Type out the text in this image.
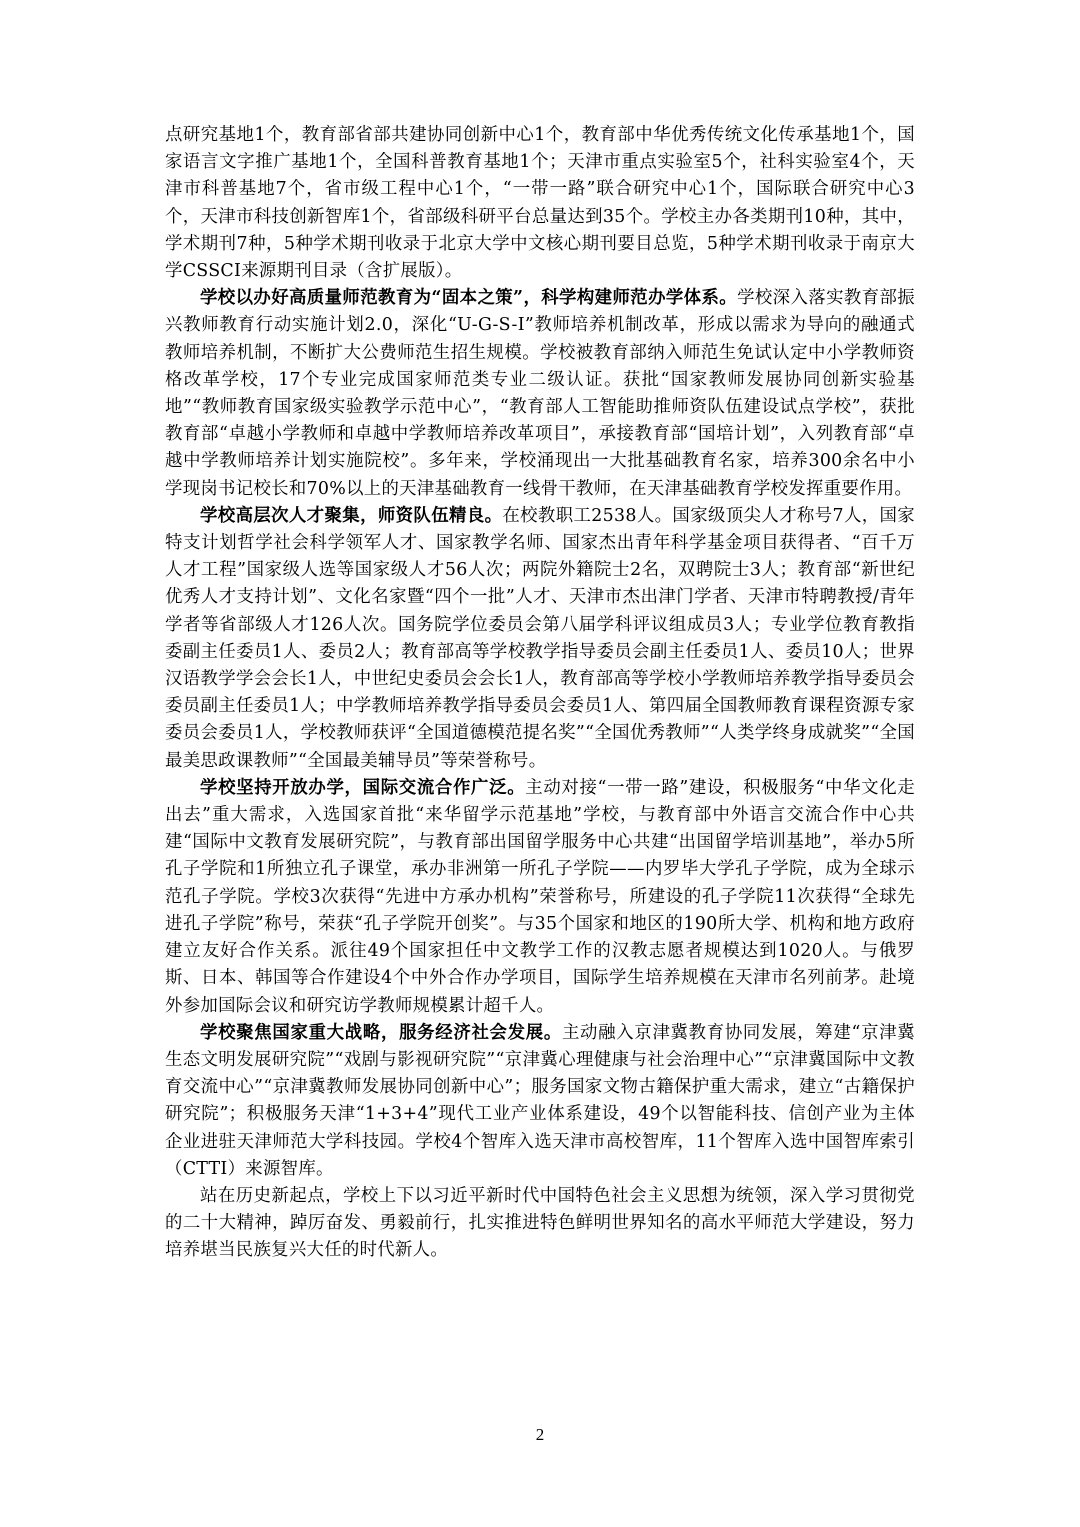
点研究基地1个，教育部省部共建协同创新中心1个，教育部中华优秀传统文化传承基地1个，国家语言文字推广基地1个，全国科普教育基地1个；天津市重点实验室5个，社科实验室4个，天津市科普基地7个，省市级工程中心1个，“一带一路”联合研究中心1个，国际联合研究中心3个，天津市科技创新智库1个，省部级科研平台总量达到35个。学校主办各类期刊10种，其中，学术期刊7种，5种学术期刊收录于北京大学中文核心期刊要目总览，5种学术期刊收录于南京大学CSSCI来源期刊目录（含扩展版）。

学校以办好高质量师范教育为“固本之策”，科学构建师范办学体系。学校深入落实教育部振兴教师教育行动实施计划2.0，深化“U-G-S-I”教师培养机制改革，形成以需求为导向的融通式教师培养机制，不断扩大公费师范生招生规模。学校被教育部纳入师范生免试认定中小学教师资格改革学校，17个专业完成国家师范类专业二级认证。获批“国家教师发展协同创新实验基地”“教师教育国家级实验教学示范中心”，“教育部人工智能助推师资队伍建设试点学校”，获批教育部“卓越小学教师和卓越中学教师培养改革项目”，承接教育部“国培计划”，入列教育部“卓越中学教师培养计划实施院校”。多年来，学校涌现出一大批基础教育名家，培养300余名中小学现岗书记校长和70%以上的天津基础教育一线骨干教师，在天津基础教育学校发挥重要作用。

学校高层次人才聚集，师资队伍精良。在校教职工2538人。国家级顶尖人才称号7人，国家特支计划哲学社会科学领军人才、国家教学名师、国家杰出青年科学基金项目获得者、“百千万人才工程”国家级人选等国家级人才56人次；两院外籍院士2名，双聘院士3人；教育部“新世纪优秀人才支持计划”、文化名家暨“四个一批”人才、天津市杰出津门学者、天津市特聘教授/青年学者等省部级人才126人次。国务院学位委员会第八届学科评议组成员3人；专业学位教育教指委副主任委员1人、委员2人；教育部高等学校教学指导委员会副主任委员1人、委员10人；世界汉语教学学会会长1人，中世纪史委员会会长1人，教育部高等学校小学教师培养教学指导委员会委员副主任委员1人；中学教师培养教学指导委员会委员1人、第四届全国教师教育课程资源专家委员会委员1人，学校教师获评“全国道德模范提名奖”“全国优秀教师”“人类学终身成就奖”“全国最美思政课教师”“全国最美辅导员”等荣誉称号。

学校坚持开放办学，国际交流合作广泛。主动对接“一带一路”建设，积极服务“中华文化走出去”重大需求，入选国家首批“来华留学示范基地”学校，与教育部中外语言交流合作中心共建“国际中文教育发展研究院”，与教育部出国留学服务中心共建“出国留学培训基地”，举办5所孔子学院和1所独立孔子课堂，承办非洲第一所孔子学院——内罗毕大学孔子学院，成为全球示范孔子学院。学校3次获得“先进中方承办机构”荣誉称号，所建设的孔子学院11次获得“全球先进孔子学院”称号，荣获“孔子学院开创奖”。与35个国家和地区的190所大学、机构和地方政府建立友好合作关系。派往49个国家担任中文教学工作的汉教志愿者规模达到1020人。与俄罗斯、日本、韩国等合作建设4个中外合作办学项目，国际学生培养规模在天津市名列前茅。赴境外参加国际会议和研究访学教师规模累计超千人。

学校聚焦国家重大战略，服务经济社会发展。主动融入京津冀教育协同发展，筹建“京津冀生态文明发展研究院”“戏剧与影视研究院”“京津冀心理健康与社会治理中心”“京津冀国际中文教育交流中心”“京津冀教师发展协同创新中心”；服务国家文物古籍保护重大需求，建立“古籍保护研究院”；积极服务天津“1+3+4”现代工业产业体系建设，49个以智能科技、信创产业为主体企业进驻天津师范大学科技园。学校4个智库入选天津市高校智库，11个智库入选中国智库索引（CTTI）来源智库。

站在历史新起点，学校上下以习近平新时代中国特色社会主义思想为统领，深入学习贯彻党的二十大精神，踔厉奋发、勇毅前行，扎实推进特色鲜明世界知名的高水平师范大学建设，努力培养堪当民族复兴大任的时代新人。

2
